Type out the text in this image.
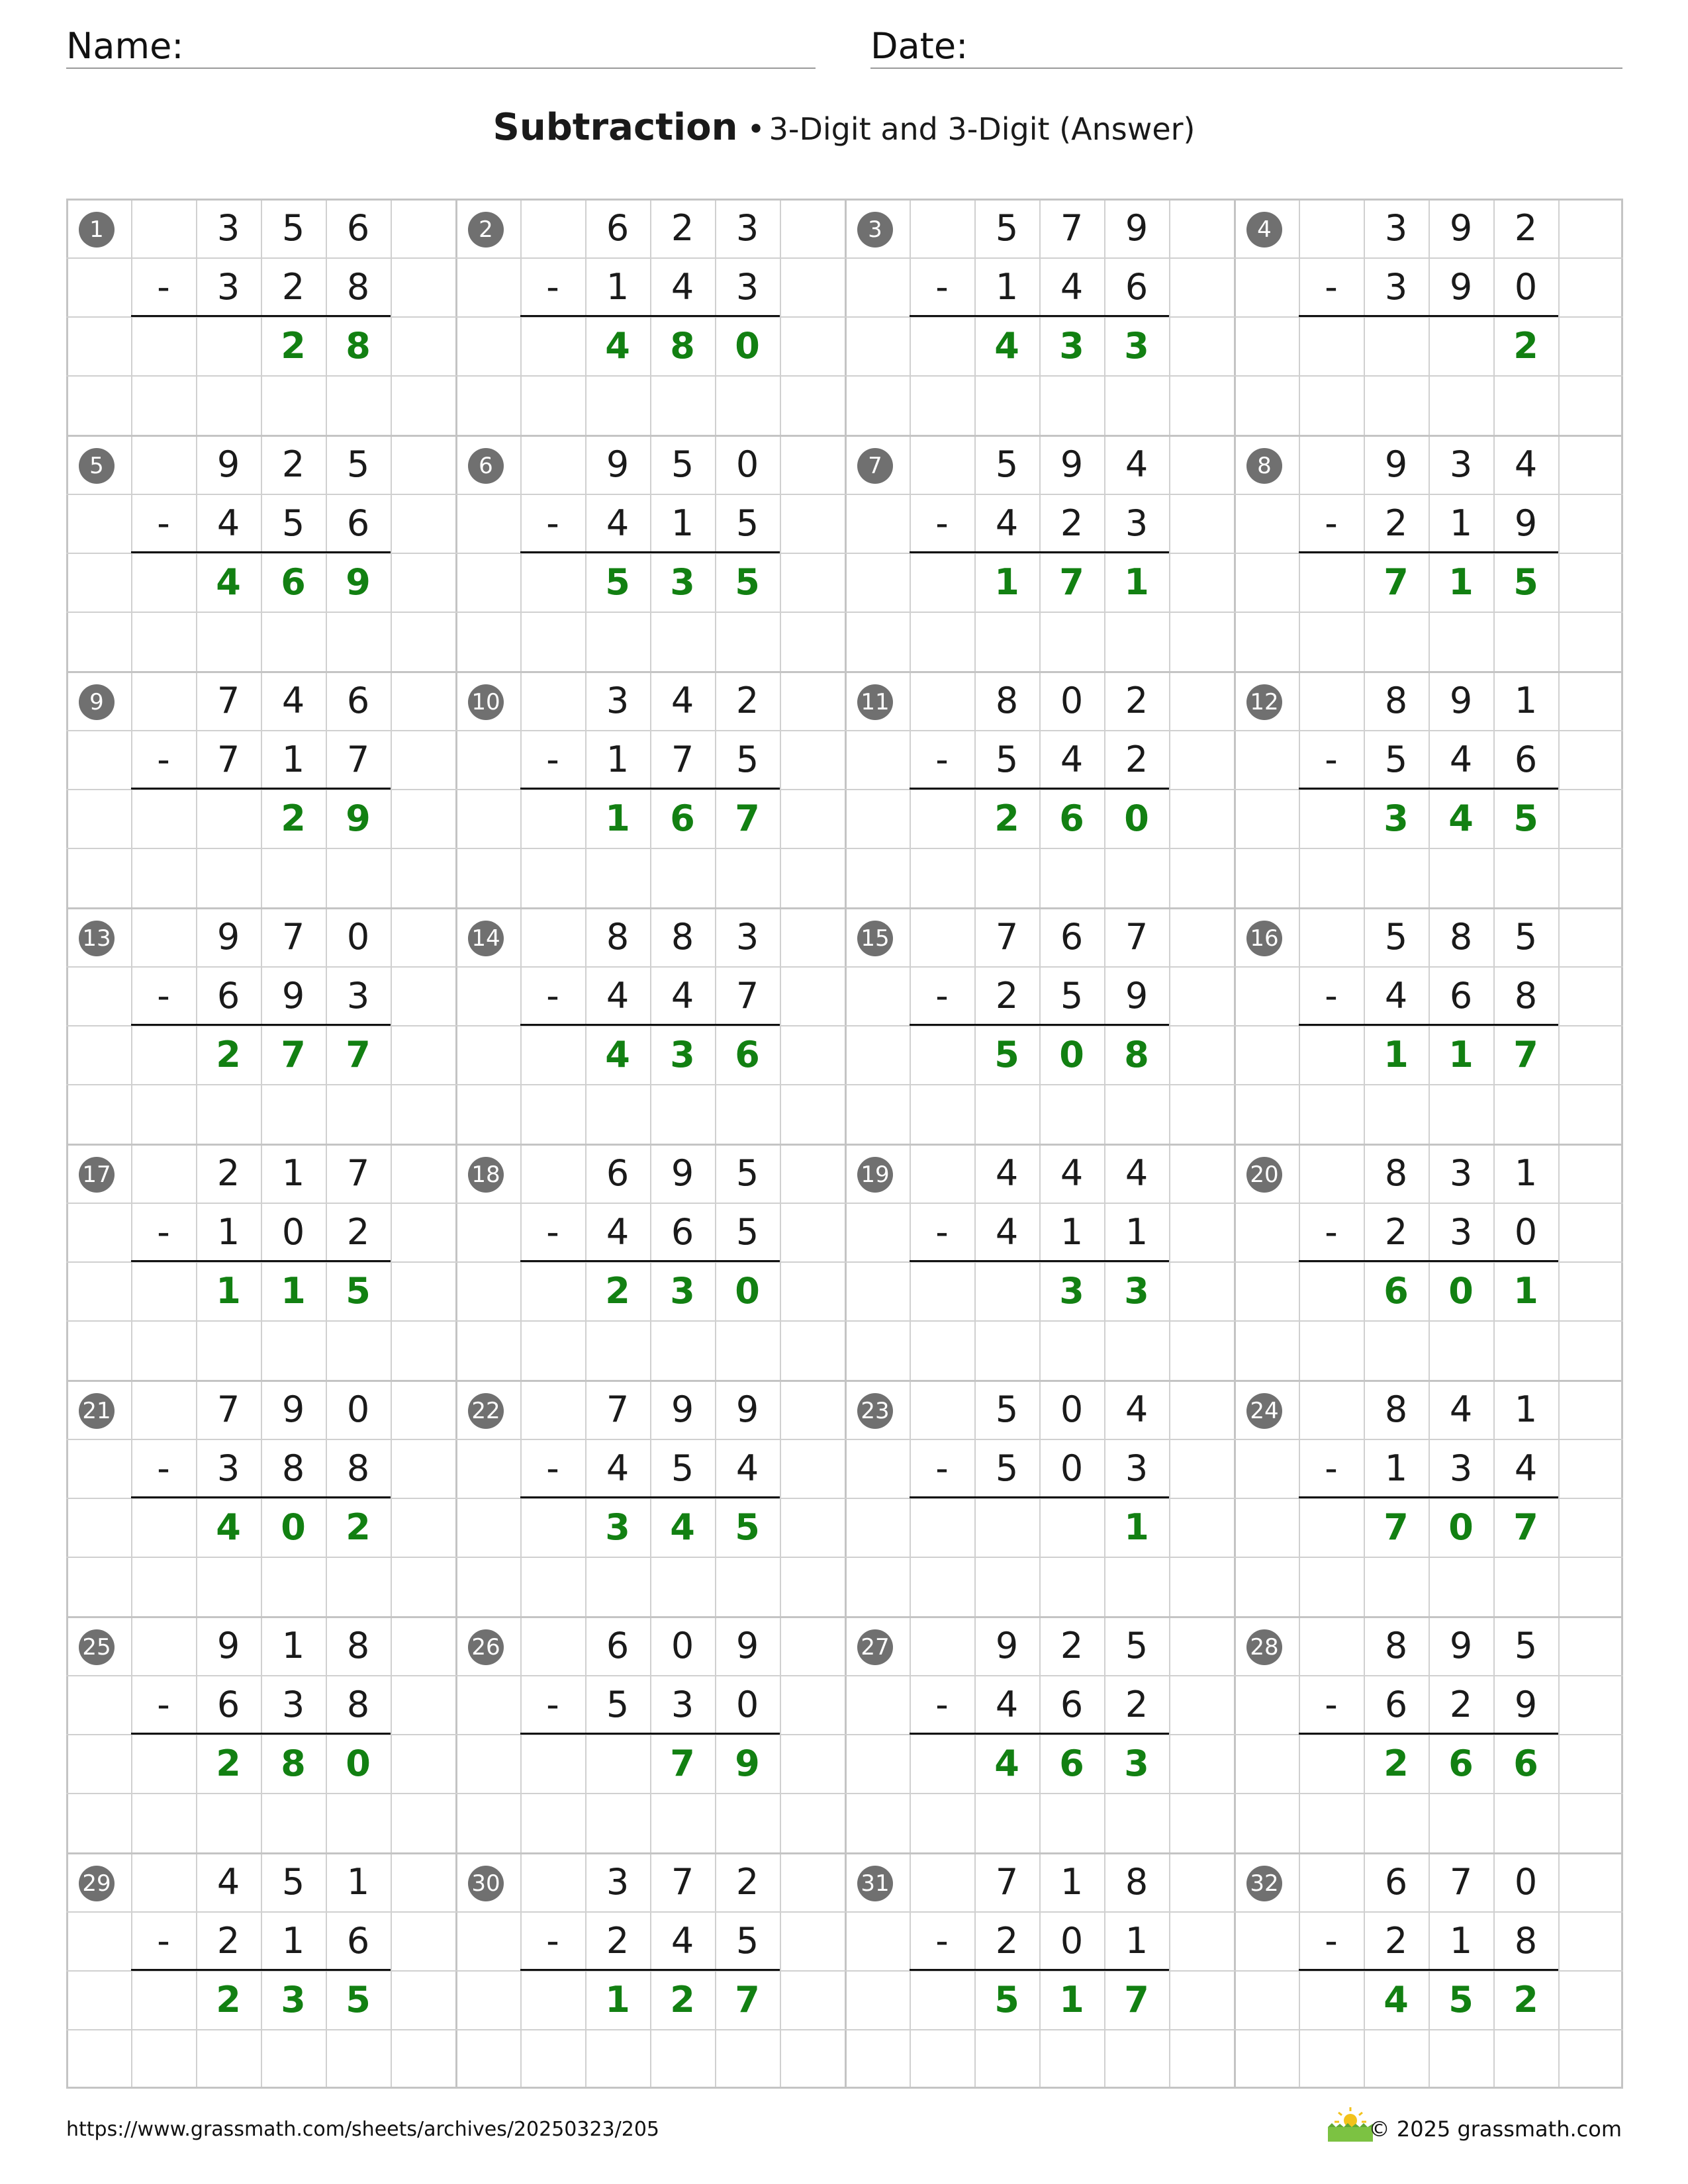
Name:	Date:
Subtraction • 3-Digit and 3-Digit (Answer)
1	3	5	6
-	3	2	8
2	8
2	6	2	3
-	1	4	3
4	8	0
3	5	7	9
-	1	4	6
4	3	3
4	3	9	2
-	3	9	0
2
5	9	2	5
-	4	5	6
4	6	9
6	9	5	0
-	4	1	5
5	3	5
7	5	9	4
-	4	2	3
1	7	1
8	9	3	4
-	2	1	9
7	1	5
9	7	4	6
-	7	1	7
2	9
10	3	4	2
-	1	7	5
1	6	7
11	8	0	2
-	5	4	2
2	6	0
12	8	9	1
-	5	4	6
3	4	5
13	9	7	0
-	6	9	3
2	7	7
14	8	8	3
-	4	4	7
4	3	6
15	7	6	7
-	2	5	9
5	0	8
16	5	8	5
-	4	6	8
1	1	7
17	2	1	7
-	1	0	2
1	1	5
18	6	9	5
-	4	6	5
2	3	0
19	4	4	4
-	4	1	1
3	3
20	8	3	1
-	2	3	0
6	0	1
21	7	9	0
-	3	8	8
4	0	2
22	7	9	9
-	4	5	4
3	4	5
23	5	0	4
-	5	0	3
1
24	8	4	1
-	1	3	4
7	0	7
25	9	1	8
-	6	3	8
2	8	0
26	6	0	9
-	5	3	0
7	9
27	9	2	5
-	4	6	2
4	6	3
28	8	9	5
-	6	2	9
2	6	6
29	4	5	1
-	2	1	6
2	3	5
30	3	7	2
-	2	4	5
1	2	7
31	7	1	8
-	2	0	1
5	1	7
32	6	7	0
-	2	1	8
4	5	2
https://www.grassmath.com/sheets/archives/20250323/205	© 2025 grassmath.com
